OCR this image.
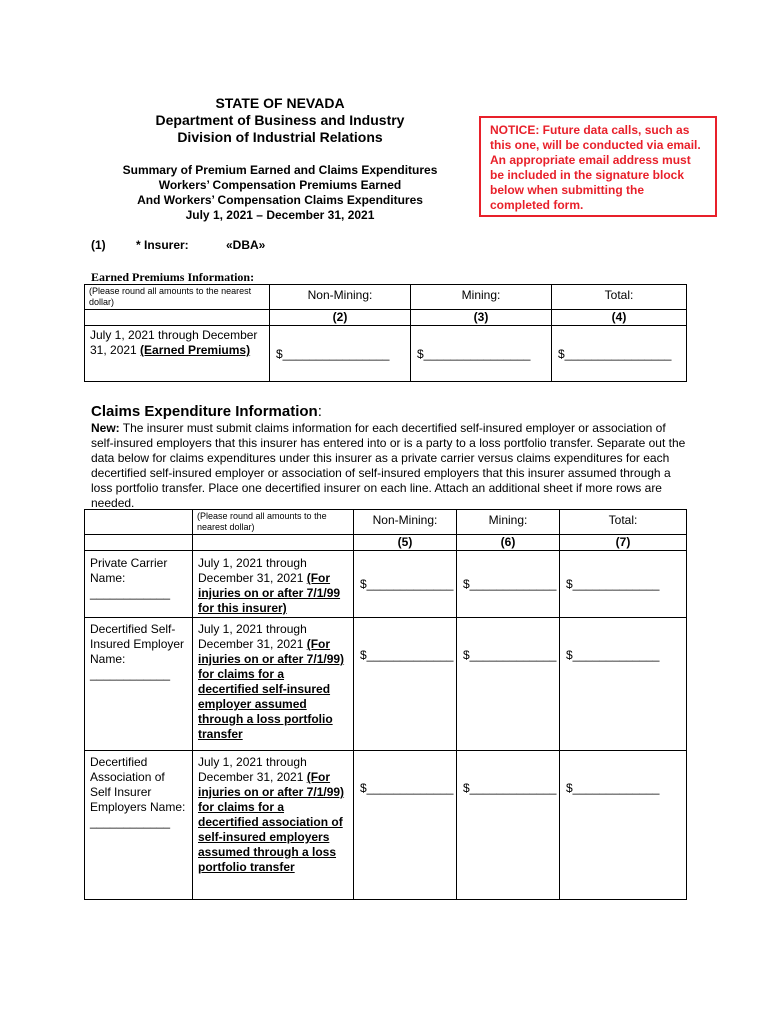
STATE OF NEVADA
Department of Business and Industry
Division of Industrial Relations
Summary of Premium Earned and Claims Expenditures
Workers’ Compensation Premiums Earned
And Workers’ Compensation Claims Expenditures
July 1, 2021 – December 31, 2021
NOTICE: Future data calls, such as this one, will be conducted via email. An appropriate email address must be included in the signature block below when submitting the completed form.
(1)	* Insurer:	«DBA»
Earned Premiums Information:
(Please round all amounts to the nearest dollar)	Non-Mining:	Mining:	Total:
	(2)	(3)	(4)
July 1, 2021 through December 31, 2021 (Earned Premiums)	$________________	$________________	$________________
Claims Expenditure Information:
New: The insurer must submit claims information for each decertified self-insured employer or association of self-insured employers that this insurer has entered into or is a party to a loss portfolio transfer. Separate out the data below for claims expenditures under this insurer as a private carrier versus claims expenditures for each decertified self-insured employer or association of self-insured employers that this insurer assumed through a loss portfolio transfer. Place one decertified insurer on each line. Attach an additional sheet if more rows are needed.
	(Please round all amounts to the nearest dollar)	Non-Mining:	Mining:	Total:
		(5)	(6)	(7)

Private Carrier Name:
____________	July 1, 2021 through December 31, 2021 (For injuries on or after 7/1/99 for this insurer)	$_____________	$_____________	$_____________

Decertified Self-Insured Employer Name:
____________	July 1, 2021 through December 31, 2021 (For injuries on or after 7/1/99) for claims for a decertified self-insured employer assumed through a loss portfolio transfer	$_____________	$_____________	$_____________

Decertified Association of Self Insurer Employers Name:
____________	July 1, 2021 through December 31, 2021 (For injuries on or after 7/1/99) for claims for a decertified association of self-insured employers assumed through a loss portfolio transfer	$_____________	$_____________	$_____________
